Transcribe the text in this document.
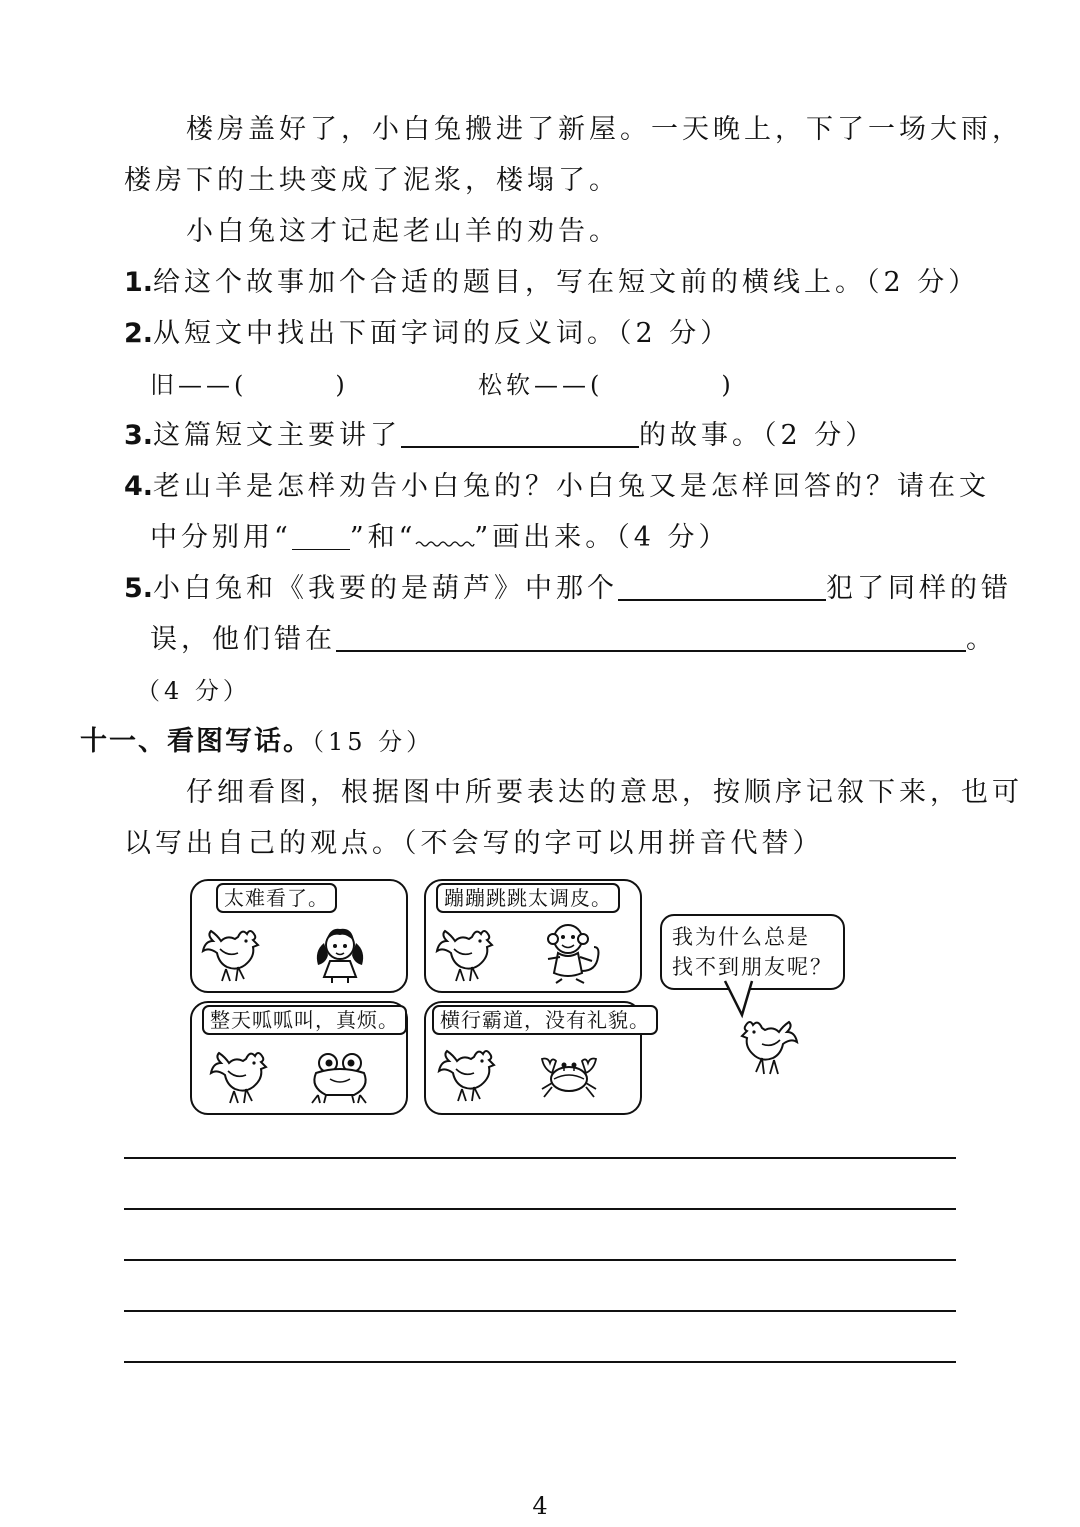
楼房盖好了，小白兔搬进了新屋。一天晚上，下了一场大雨，
楼房下的土块变成了泥浆，楼塌了。
小白兔这才记起老山羊的劝告。
1.给这个故事加个合适的题目，写在短文前的横线上。（2 分）
2.从短文中找出下面字词的反义词。（2 分）
旧——(	)	松软——(	)
3.这篇短文主要讲了	的故事。（2 分）
4.老山羊是怎样劝告小白兔的？小白兔又是怎样回答的？请在文
中分别用“ ”和“ ”画出来。（4 分）
5.小白兔和《我要的是葫芦》中那个	犯了同样的错
误，他们错在	。
（4 分）
十一、看图写话。（15 分）
仔细看图，根据图中所要表达的意思，按顺序记叙下来，也可
以写出自己的观点。（不会写的字可以用拼音代替）
太难看了。	蹦蹦跳跳太调皮。
整天呱呱叫，真烦。	横行霸道，没有礼貌。
我为什么总是
找不到朋友呢？
4
